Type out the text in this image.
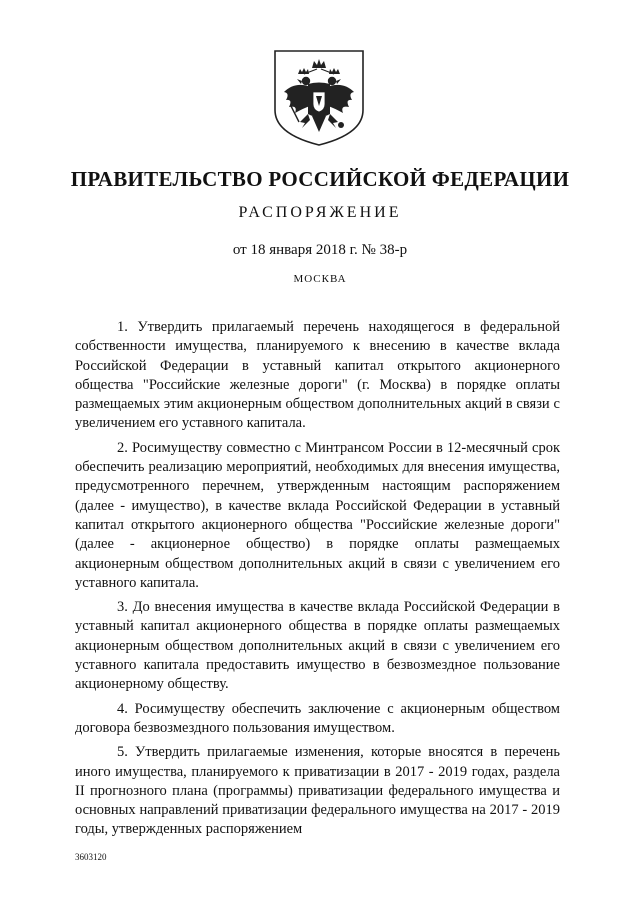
ПРАВИТЕЛЬСТВО РОССИЙСКОЙ ФЕДЕРАЦИИ
РАСПОРЯЖЕНИЕ
от 18 января 2018 г. № 38-р
МОСКВА

1. Утвердить прилагаемый перечень находящегося в федеральной собственности имущества, планируемого к внесению в качестве вклада Российской Федерации в уставный капитал открытого акционерного общества "Российские железные дороги" (г. Москва) в порядке оплаты размещаемых этим акционерным обществом дополнительных акций в связи с увеличением его уставного капитала.

2. Росимуществу совместно с Минтрансом России в 12-месячный срок обеспечить реализацию мероприятий, необходимых для внесения имущества, предусмотренного перечнем, утвержденным настоящим распоряжением (далее - имущество), в качестве вклада Российской Федерации в уставный капитал открытого акционерного общества "Российские железные дороги" (далее - акционерное общество) в порядке оплаты размещаемых акционерным обществом дополнительных акций в связи с увеличением его уставного капитала.

3. До внесения имущества в качестве вклада Российской Федерации в уставный капитал акционерного общества в порядке оплаты размещаемых акционерным обществом дополнительных акций в связи с увеличением его уставного капитала предоставить имущество в безвозмездное пользование акционерному обществу.

4. Росимуществу обеспечить заключение с акционерным обществом договора безвозмездного пользования имуществом.

5. Утвердить прилагаемые изменения, которые вносятся в перечень иного имущества, планируемого к приватизации в 2017 - 2019 годах, раздела II прогнозного плана (программы) приватизации федерального имущества и основных направлений приватизации федерального имущества на 2017 - 2019 годы, утвержденных распоряжением

3603120
